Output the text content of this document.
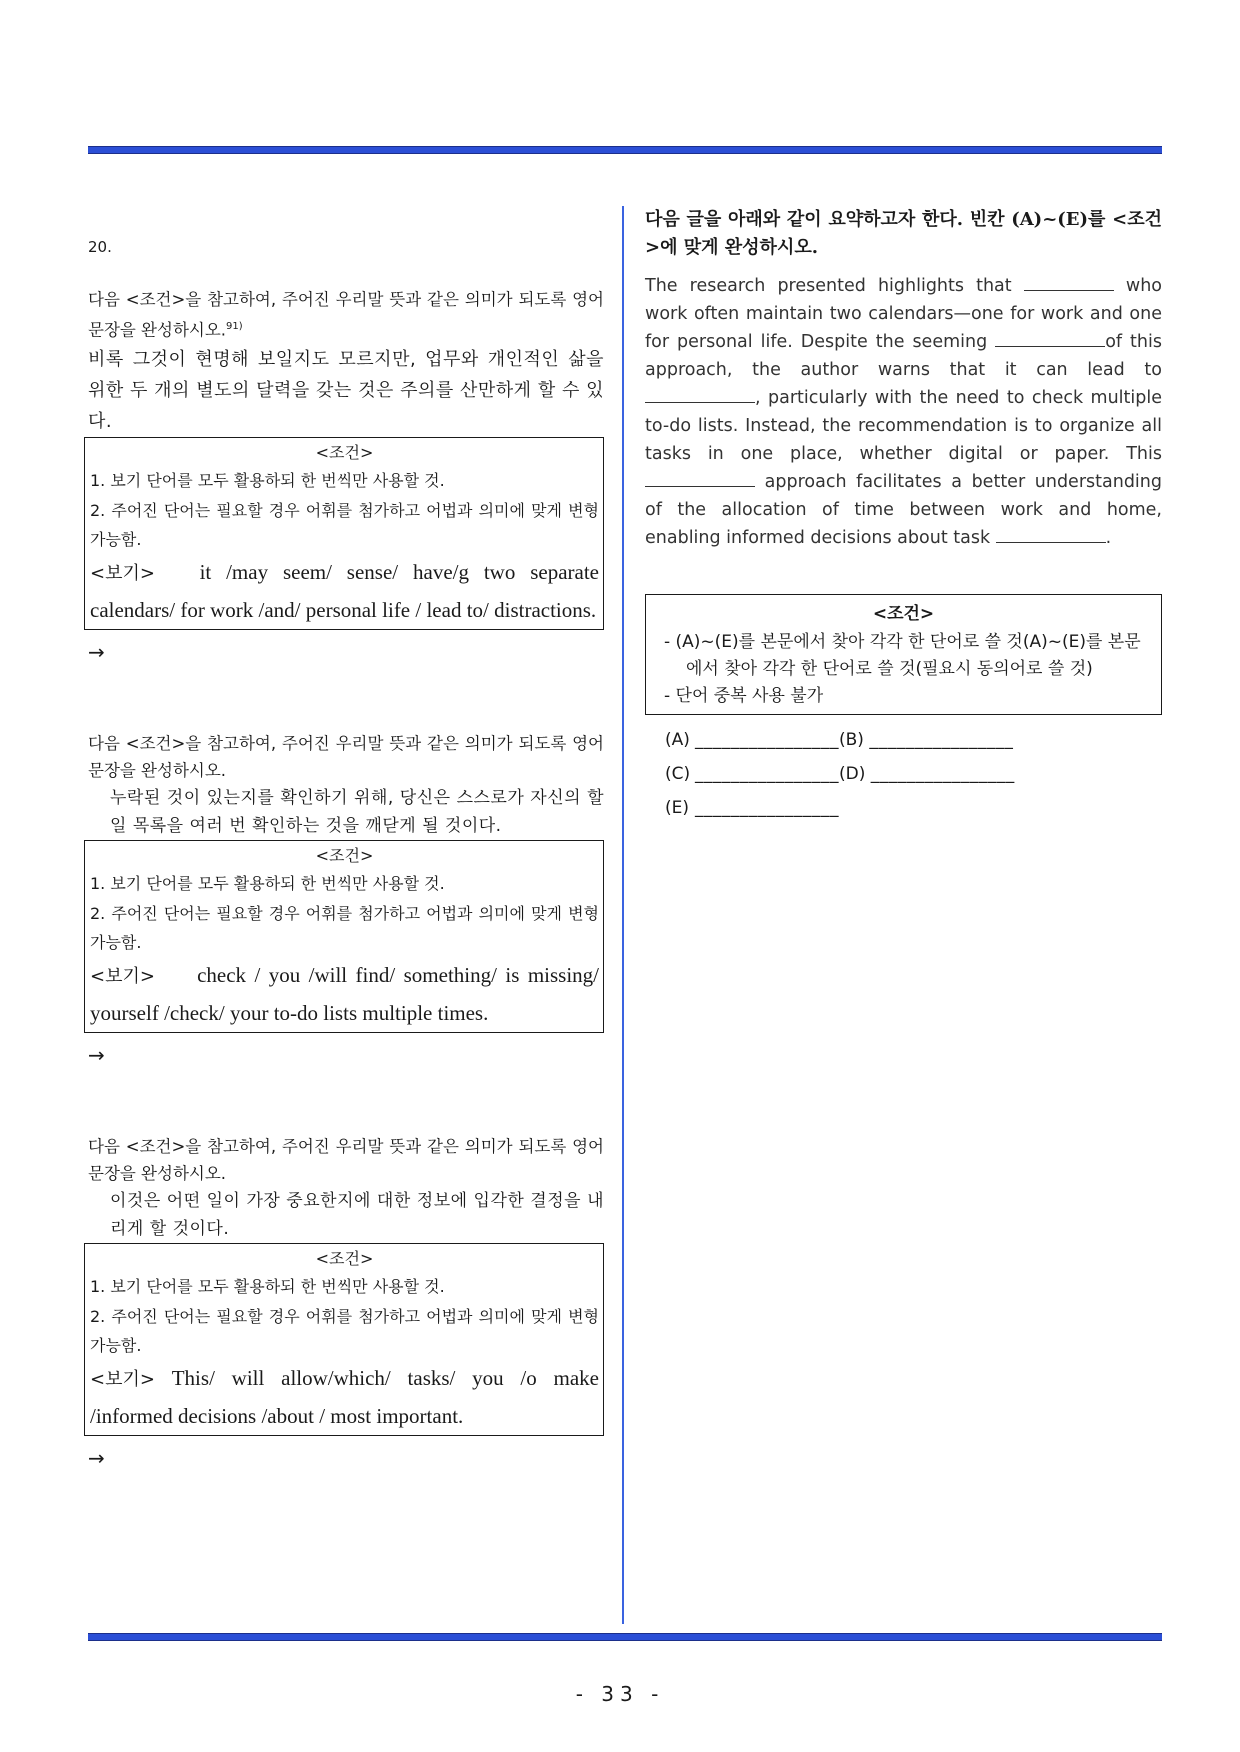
20.
다음 <조건>을 참고하여, 주어진 우리말 뜻과 같은 의미가 되도록 영어 문장을 완성하시오.$^{91)}$
비록 그것이 현명해 보일지도 모르지만, 업무와 개인적인 삶을 위한 두 개의 별도의 달력을 갖는 것은 주의를 산만하게 할 수 있다.
<조건>
1. 보기 단어를 모두 활용하되 한 번씩만 사용할 것.
2. 주어진 단어는 필요할 경우 어휘를 첨가하고 어법과 의미에 맞게 변형 가능함.
<보기> it /may seem/ sense/ have/g two separate calendars/ for work /and/ personal life / lead to/ distractions.
→
다음 <조건>을 참고하여, 주어진 우리말 뜻과 같은 의미가 되도록 영어 문장을 완성하시오.
누락된 것이 있는지를 확인하기 위해, 당신은 스스로가 자신의 할 일 목록을 여러 번 확인하는 것을 깨닫게 될 것이다.
<조건>
1. 보기 단어를 모두 활용하되 한 번씩만 사용할 것.
2. 주어진 단어는 필요할 경우 어휘를 첨가하고 어법과 의미에 맞게 변형 가능함.
<보기> check / you /will find/ something/ is missing/ yourself /check/ your to-do lists multiple times.
→
다음 <조건>을 참고하여, 주어진 우리말 뜻과 같은 의미가 되도록 영어 문장을 완성하시오.
이것은 어떤 일이 가장 중요한지에 대한 정보에 입각한 결정을 내리게 할 것이다.
<조건>
1. 보기 단어를 모두 활용하되 한 번씩만 사용할 것.
2. 주어진 단어는 필요할 경우 어휘를 첨가하고 어법과 의미에 맞게 변형 가능함.
<보기> This/ will allow/which/ tasks/ you /o make /informed decisions /about / most important.
→
다음 글을 아래와 같이 요약하고자 한다. 빈칸 (A)~(E)를 <조건>에 맞게 완성하시오.
The research presented highlights that	who work often maintain two calendars—one for work and one for personal life. Despite the seeming	of this approach, the author warns that it can lead to , particularly with the need to check multiple to-do lists. Instead, the recommendation is to organize all tasks in one place, whether digital or paper. This  approach facilitates a better understanding of the allocation of time between work and home, enabling informed decisions about task	.
<조건>
- (A)~(E)를 본문에서 찾아 각각 한 단어로 쓸 것(A)~(E)를 본문에서 찾아 각각 한 단어로 쓸 것(필요시 동의어로 쓸 것)
- 단어 중복 사용 불가
(A) ________________(B) ________________
(C) ________________(D) ________________
(E) ________________
- 33 -
